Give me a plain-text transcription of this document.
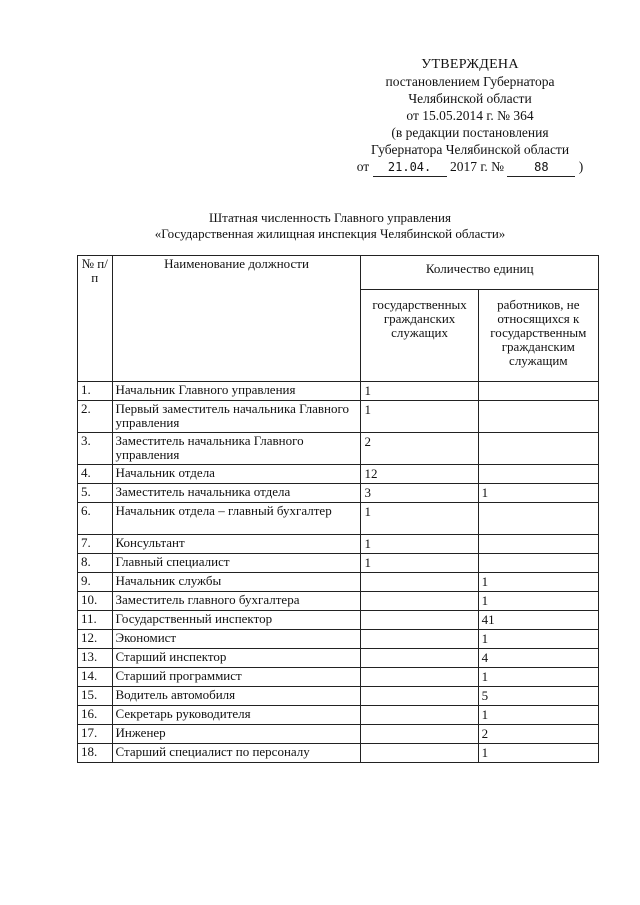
УТВЕРЖДЕНА
постановлением Губернатора
Челябинской области
от 15.05.2014 г. № 364
(в редакции постановления
Губернатора Челябинской области
от 21.04. 2017 г. №	88 )
Штатная численность Главного управления
«Государственная жилищная инспекция Челябинской области»
№ п/п	Наименование должности	Количество единиц	
		государственных гражданских служащих	работников, не относящихся к государственным гражданским служащим
1.	Начальник Главного управления	1	
2.	Первый заместитель начальника Главного управления	1	
3.	Заместитель начальника Главного управления	2	
4.	Начальник отдела	12	
5.	Заместитель начальника отдела	3	1
6.	Начальник отдела – главный бухгалтер	1	
7.	Консультант	1	
8.	Главный специалист	1	
9.	Начальник службы		1
10.	Заместитель главного бухгалтера		1
11.	Государственный инспектор		41
12.	Экономист		1
13.	Старший инспектор		4
14.	Старший программист		1
15.	Водитель автомобиля		5
16.	Секретарь руководителя		1
17.	Инженер		2
18.	Старший специалист по персоналу		1
